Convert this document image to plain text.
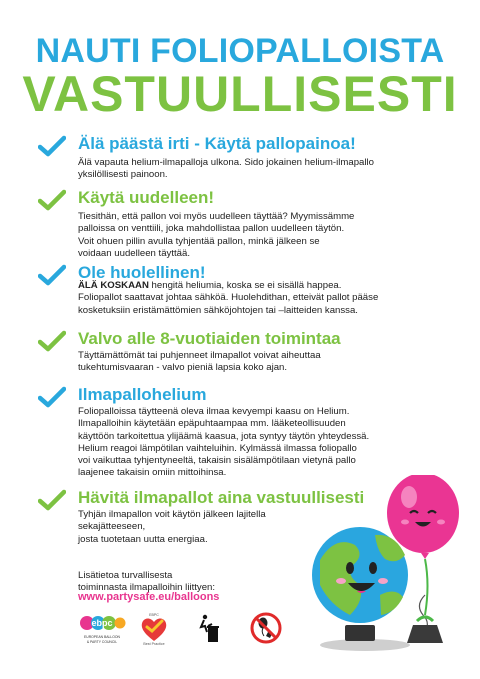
NAUTI FOLIOPALLOISTA
VASTUULLISESTI
Älä päästä irti - Käytä pallopainoa!
Älä vapauta helium-ilmapalloja ulkona. Sido jokainen helium-ilmapallo
yksilöllisesti painoon.
Käytä uudelleen!
Tiesithän, että pallon voi myös uudelleen täyttää? Myymissämme
palloissa on venttiili, joka mahdollistaa pallon uudelleen täytön.
Voit ohuen pillin avulla tyhjentää pallon, minkä jälkeen se
voidaan uudelleen täyttää.
Ole huolellinen!
ÄLÄ KOSKAAN hengitä heliumia, koska se ei sisällä happea.
Foliopallot saattavat johtaa sähköä. Huolehdithan, etteivät pallot pääse
kosketuksiin eristämättömien sähköjohtojen tai –laitteiden kanssa.
Valvo alle 8-vuotiaiden toimintaa
Täyttämättömät tai puhjenneet ilmapallot voivat aiheuttaa
tukehtumisvaaran - valvo pieniä lapsia koko ajan.
Ilmapallohelium
Foliopalloissa täytteenä oleva ilmaa kevyempi kaasu on Helium.
Ilmapalloihin käytetään epäpuhtaampaa mm. lääketeollisuuden
käyttöön tarkoitettua ylijäämä kaasua, jota syntyy täytön yhteydessä.
Helium reagoi lämpötilan vaihteluihin. Kylmässä ilmassa foliopallo
voi vaikuttaa tyhjentyneeltä, takaisin sisälämpötilaan vietynä pallo
laajenee takaisin omiin mittoihinsa.
Hävitä ilmapallot aina vastuullisesti
Tyhjän ilmapallon voit käytön jälkeen lajitella sekajätteeseen,
josta tuotetaan uutta energiaa.
Lisätietoa turvallisesta
toiminnasta ilmapalloihin liittyen:
www.partysafe.eu/balloons
ebpc
EUROPEAN BALLOON
& PARTY COUNCIL
EBPC
Best Practice
